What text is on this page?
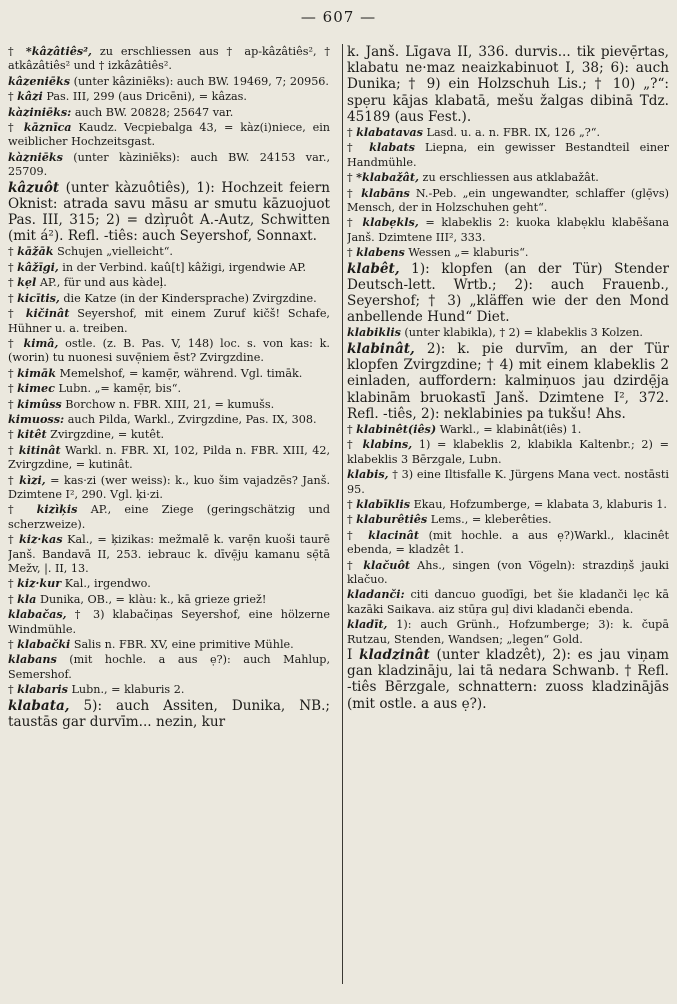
— 607 —

† *kâzâtiês², zu erschliessen aus † ap-kâzâtiês², † atkâzâtiês² und † izkâzâtiês².

kâzeniēks (unter kâziniēks): auch BW. 19469, 7; 20956.

† kâzi Pas. III, 299 (aus Dricēni), = kâzas.

kàziniēks: auch BW. 20828; 25647 var.

† kāznīca Kaudz. Vecpiebalga 43, = kàz(i)niece, ein weiblicher Hochzeitsgast.

kàzniēks (unter kàziniēks): auch BW. 24153 var., 25709.

kâzuôt (unter kàzuôtiês), 1): Hochzeit feiern Oknist: atrada savu māsu ar smutu kāzuojuot Pas. III, 315; 2) = dzìŗuôt A.-Autz, Schwitten (mit á²). Refl. -tiês: auch Seyershof, Sonnaxt.

† kāžāk Schujen „vielleicht“.

† kâžīgi, in der Verbind. kaû[t] kâžigi, irgendwie AP.

† kẹl AP., für und aus kàdeļ.

† kicītis, die Katze (in der Kindersprache) Zvirgzdine.

† kičinât Seyershof, mit einem Zuruf kičš! Schafe, Hühner u. a. treiben.

† kimâ, ostle. (z. B. Pas. V, 148) loc. s. von kas: k. (worin) tu nuonesi suvẹ̄niem ēst? Zvirgzdine.

† kimāk Memelshof, = kamẹ̄r, während. Vgl. timāk.

† kimec Lubn. „= kamẹ̄r, bis“.

† kimûss Borchow n. FBR. XIII, 21, = kumušs.

kimuoss: auch Pilda, Warkl., Zvirgzdine, Pas. IX, 308.

† kitêt Zvirgzdine, = kutêt.

† kitinât Warkl. n. FBR. XI, 102, Pilda n. FBR. XIII, 42, Zvirgzdine, = kutinât.

† kìzi, = kas·zi (wer weiss): k., kuo šim vajadzēs? Janš. Dzimtene I², 290. Vgl. ķi·zi.

† kizìķis AP., eine Ziege (geringschätzig und scherzweize).

† kiz·kas Kal., = ķizikas: mežmalē k. varẹ̄n kuoši taurē Janš. Bandavā II, 253. iebrauc k. dīvẹ̄ju kamanu sẹ̄tā Mežv, |. II, 13.

† kiz·kur Kal., irgendwo.

† kla Dunika, OB., = klàu: k., kā grieze griež!

klabačas, † 3) klabačiņas Seyershof, eine hölzerne Windmühle.

† klabački Salis n. FBR. XV, eine primitive Mühle.

klabans (mit hochle. a aus ẹ?): auch Mahlup, Semershof.

† klabaris Lubn., = klaburis 2.

klabata, 5): auch Assiten, Dunika, NB.; taustās gar durvīm... nezin, kur

k. Janš. Līgava II, 336. durvis... tik pievẹ̄rtas, klabatu ne·maz neaizkabinuot I, 38; 6): auch Dunika; † 9) ein Holzschuh Lis.; † 10) „?“: spẹru kājas klabatā, mešu žalgas dibinā Tdz. 45189 (aus Fest.).

† klabatavas Lasd. u. a. n. FBR. IX, 126 „?“.

† klabats Liepna, ein gewisser Bestandteil einer Handmühle.

† *klabažât, zu erschliessen aus atklabažât.

† klabāns N.-Peb. „ein ungewandter, schlaffer (glẹ̄vs) Mensch, der in Holzschuhen geht“.

† klabẹkls, = klabeklis 2: kuoka klabẹklu klabēšana Janš. Dzimtene III², 333.

† klabens Wessen „= klaburis“.

klabêt, 1): klopfen (an der Tür) Stender Deutsch-lett. Wrtb.; 2): auch Frauenb., Seyershof; † 3) „kläffen wie der den Mond anbellende Hund“ Diet.

klabiklis (unter klabikla), † 2) = klabeklis 3 Kolzen.

klabinât, 2): k. pie durvīm, an der Tür klopfen Zvirgzdine; † 4) mit einem klabeklis 2 einladen, auffordern: kalmiņuos jau dzirdẹ̄ja klabinām bruokastī Janš. Dzimtene I², 372. Refl. -tiês, 2): neklabinies pa tukšu! Ahs.

† klabinêt(iês) Warkl., = klabinât(iês) 1.

† klabins, 1) = klabeklis 2, klabikla Kaltenbr.; 2) = klabeklis 3 Bērzgale, Lubn.

klabis, † 3) eine Iltisfalle K. Jürgens Mana vect. nostāsti 95.

† klabīklis Ekau, Hofzumberge, = klabata 3, klaburis 1.

† klaburêtiês Lems., = kleberêties.

† klacinât (mit hochle. a aus ẹ?)Warkl., klacinêt ebenda, = kladzêt 1.

† klačuôt Ahs., singen (von Vögeln): strazdiņš jauki klačuo.

kladanči: citi dancuo guodīgi, bet šie kladanči lẹc kā kazāki Saikava. aiz stūŗa guļ divi kladanči ebenda.

kladīt, 1): auch Grünh., Hofzumberge; 3): k. čupā Rutzau, Stenden, Wandsen; „legen“ Gold.

I kladzinât (unter kladzêt), 2): es jau viņam gan kladzināju, lai tā nedara Schwanb. † Refl. -tiês Bērzgale, schnattern: zuoss kladzinājās (mit ostle. a aus ẹ?).
